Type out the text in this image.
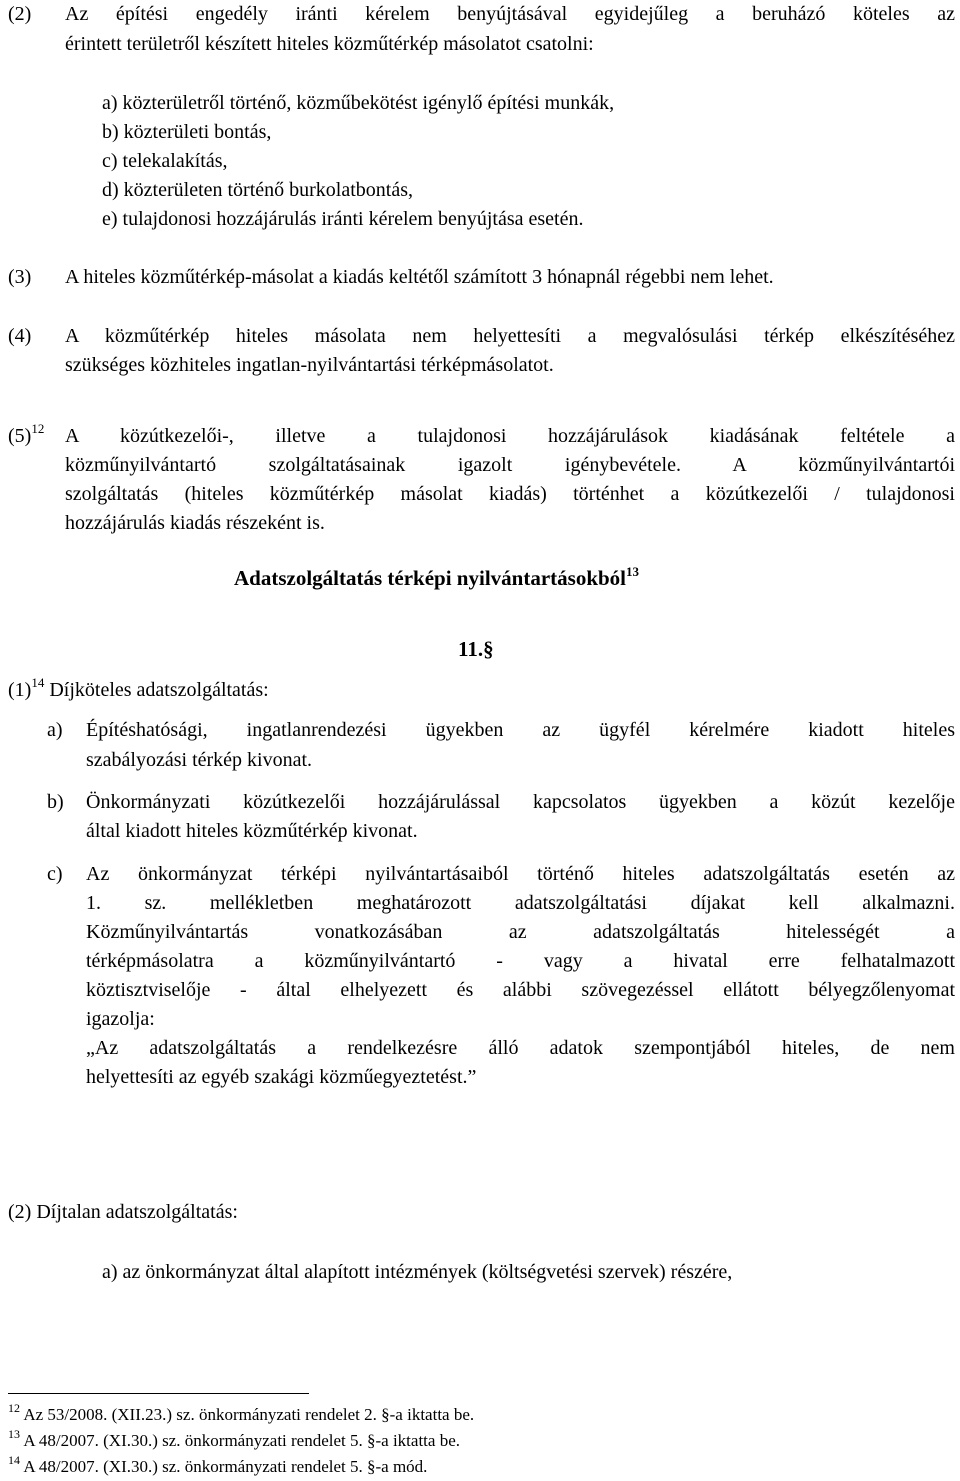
(2) Az építési engedély iránti kérelem benyújtásával egyidejűleg a beruházó köteles az
érintett területről készített hiteles közműtérkép másolatot csatolni:
a) közterületről történő, közműbekötést igénylő építési munkák,
b) közterületi bontás,
c) telekalakítás,
d) közterületen történő burkolatbontás,
e) tulajdonosi hozzájárulás iránti kérelem benyújtása esetén.
(3) A hiteles közműtérkép-másolat a kiadás keltétől számított 3 hónapnál régebbi nem lehet.
(4) A közműtérkép hiteles másolata nem helyettesíti a megvalósulási térkép elkészítéséhez
szükséges közhiteles ingatlan-nyilvántartási térképmásolatot.
$(5)^{12}$ A közútkezelői-, illetve a tulajdonosi hozzájárulások kiadásának feltétele a
közműnyilvántartó szolgáltatásainak igazolt igénybevétele. A közműnyilvántartói
szolgáltatás (hiteles közműtérkép másolat kiadás) történhet a közútkezelői / tulajdonosi
hozzájárulás kiadás részeként is.
Adatszolgáltatás térképi nyilvántartásokból$^{13}$
11.§
$(1)^{14}$ Díjköteles adatszolgáltatás:
a) Építéshatósági, ingatlanrendezési ügyekben az ügyfél kérelmére kiadott hiteles
szabályozási térkép kivonat.
b) Önkormányzati közútkezelői hozzájárulással kapcsolatos ügyekben a közút kezelője
által kiadott hiteles közműtérkép kivonat.
c) Az önkormányzat térképi nyilvántartásaiból történő hiteles adatszolgáltatás esetén az
1. sz. mellékletben meghatározott adatszolgáltatási díjakat kell alkalmazni.
Közműnyilvántartás vonatkozásában az adatszolgáltatás hitelességét a
térképmásolatra a közműnyilvántartó - vagy a hivatal erre felhatalmazott
köztisztviselője - által elhelyezett és alábbi szövegezéssel ellátott bélyegzőlenyomat
igazolja:
„Az adatszolgáltatás a rendelkezésre álló adatok szempontjából hiteles, de nem
helyettesíti az egyéb szakági közműegyeztetést.”
(2) Díjtalan adatszolgáltatás:
a) az önkormányzat által alapított intézmények (költségvetési szervek) részére,
$^{12}$ Az 53/2008. (XII.23.) sz. önkormányzati rendelet 2. §-a iktatta be.
$^{13}$ A 48/2007. (XI.30.) sz. önkormányzati rendelet 5. §-a iktatta be.
$^{14}$ A 48/2007. (XI.30.) sz. önkormányzati rendelet 5. §-a mód.
